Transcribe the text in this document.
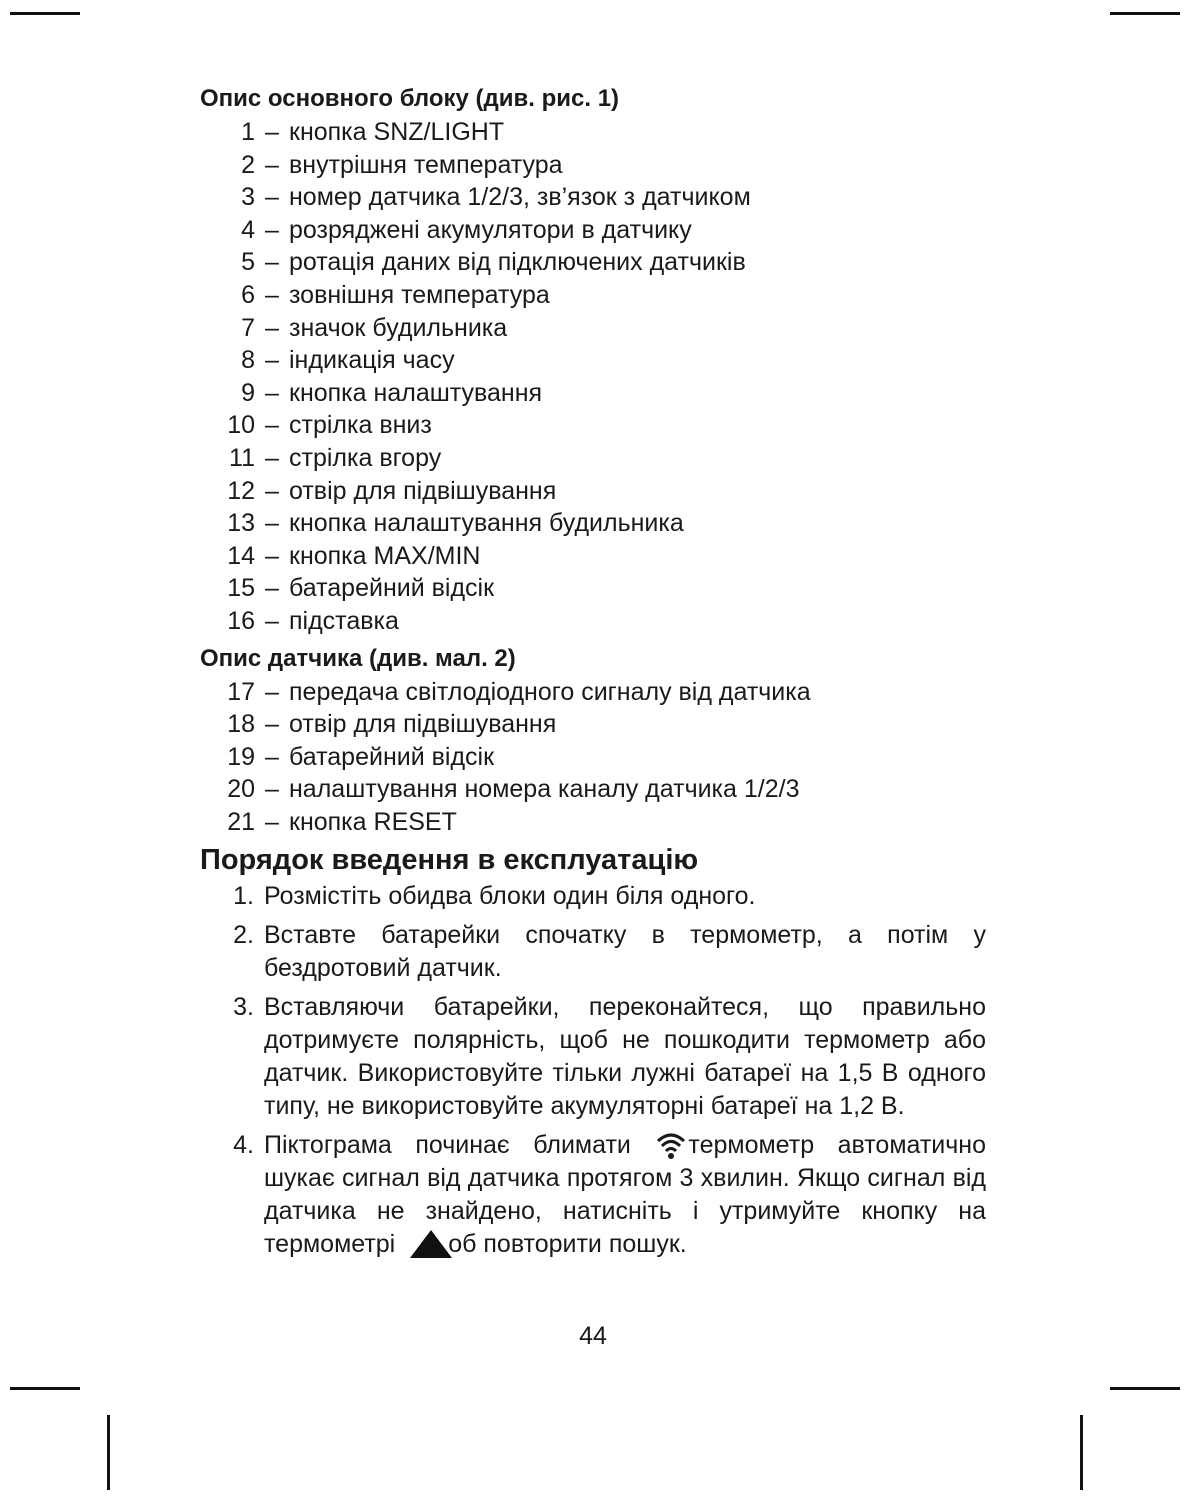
Опис основного блоку (див. рис. 1)
1 – кнопка SNZ/LIGHT
2 – внутрішня температура
3 – номер датчика 1/2/3, зв’язок з датчиком
4 – розряджені акумулятори в датчику
5 – ротація даних від підключених датчиків
6 – зовнішня температура
7 – значок будильника
8 – індикація часу
9 – кнопка налаштування
10 – стрілка вниз
11 – стрілка вгору
12 – отвір для підвішування
13 – кнопка налаштування будильника
14 – кнопка MAX/MIN
15 – батарейний відсік
16 – підставка
Опис датчика (див. мал. 2)
17 – передача світлодіодного сигналу від датчика
18 – отвір для підвішування
19 – батарейний відсік
20 – налаштування номера каналу датчика 1/2/3
21 – кнопка RESET
Порядок введення в експлуатацію
1. Розмістіть обидва блоки один біля одного.
2. Вставте батарейки спочатку в термометр, а потім у бездротовий датчик.
3. Вставляючи батарейки, переконайтеся, що правильно дотримуєте полярність, щоб не пошкодити термометр або датчик. Використовуйте тільки лужні батареї на 1,5 В одного типу, не використовуйте акумуляторні батареї на 1,2 В.
4. Піктограма починає блимати термометр автоматично шукає сигнал від датчика протягом 3 хвилин. Якщо сигнал від датчика не знайдено, натисніть і утримуйте кнопку на термометрі об повторити пошук.
44
